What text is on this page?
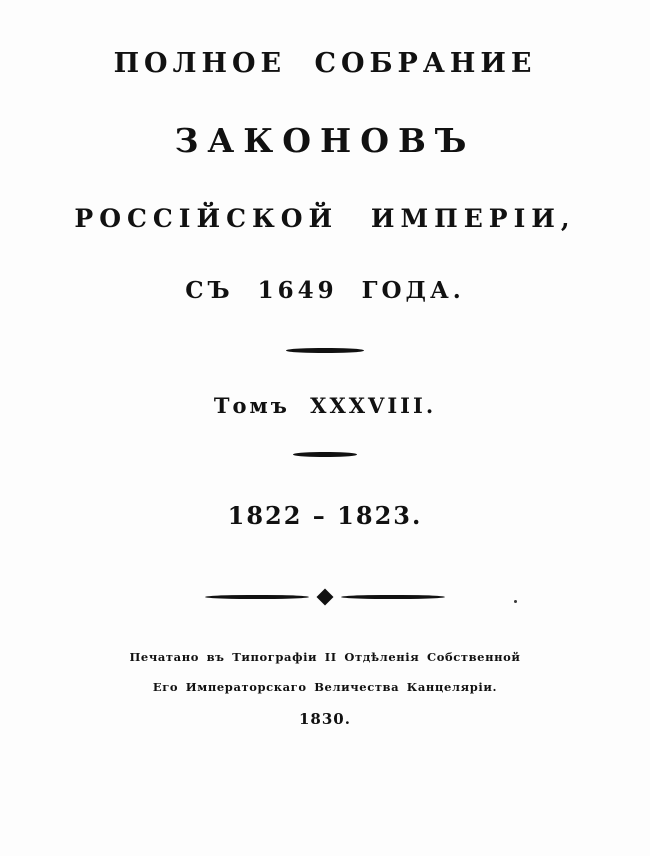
ПОЛНОЕ СОБРАНИЕ
ЗАКОНОВЪ
РОССIЙСКОЙ ИМПЕРIИ,
СЪ 1649 ГОДА.
Томъ XXXVIII.
1822 – 1823.
Печатано въ Типографiи II Отдѣленiя Собственной
Его Императорскаго Величества Канцелярiи.
1830.
